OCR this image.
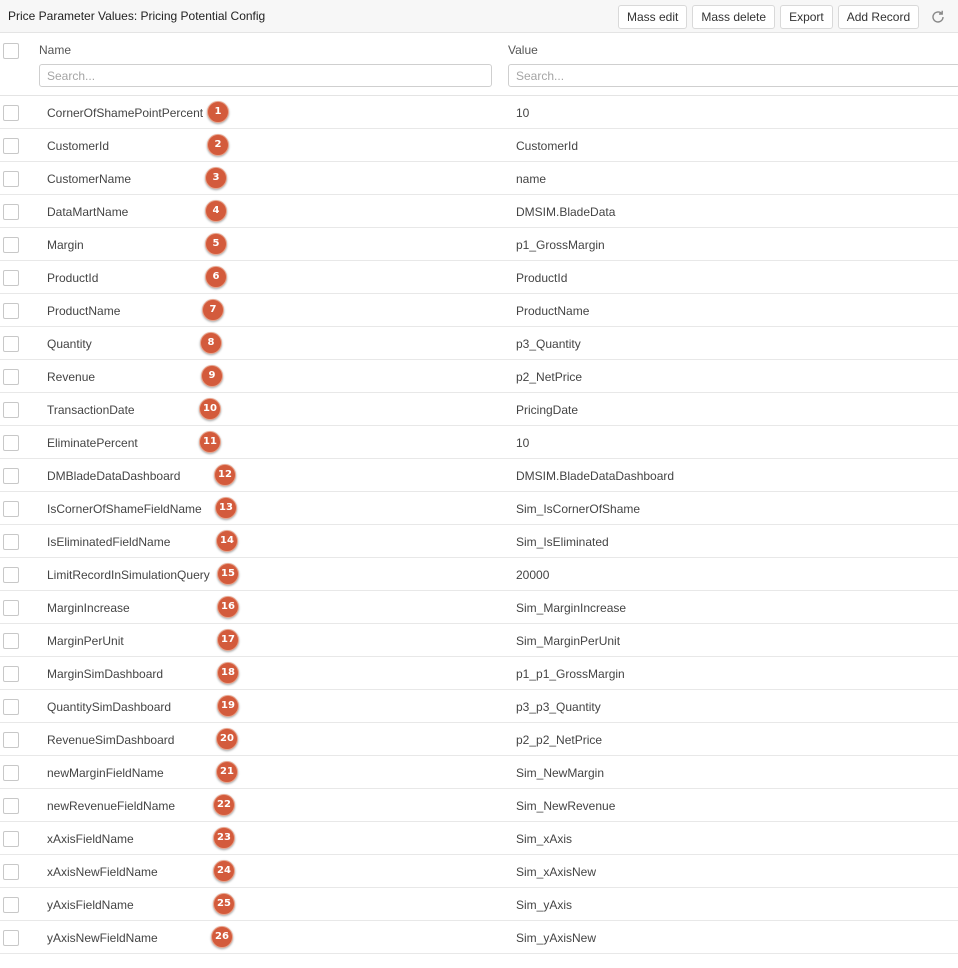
Price Parameter Values: Pricing Potential Config	Mass edit	Mass delete	Export	Add Record
Name	Value
Search...
Search...
CornerOfShamePointPercent	1	10
CustomerId	2	CustomerId
CustomerName	3	name
DataMartName	4	DMSIM.BladeData
Margin	5	p1_GrossMargin
ProductId	6	ProductId
ProductName	7	ProductName
Quantity	8	p3_Quantity
Revenue	9	p2_NetPrice
TransactionDate	10	PricingDate
EliminatePercent	11	10
DMBladeDataDashboard	12	DMSIM.BladeDataDashboard
IsCornerOfShameFieldName	13	Sim_IsCornerOfShame
IsEliminatedFieldName	14	Sim_IsEliminated
LimitRecordInSimulationQuery	15	20000
MarginIncrease	16	Sim_MarginIncrease
MarginPerUnit	17	Sim_MarginPerUnit
MarginSimDashboard	18	p1_p1_GrossMargin
QuantitySimDashboard	19	p3_p3_Quantity
RevenueSimDashboard	20	p2_p2_NetPrice
newMarginFieldName	21	Sim_NewMargin
newRevenueFieldName	22	Sim_NewRevenue
xAxisFieldName	23	Sim_xAxis
xAxisNewFieldName	24	Sim_xAxisNew
yAxisFieldName	25	Sim_yAxis
yAxisNewFieldName	26	Sim_yAxisNew
